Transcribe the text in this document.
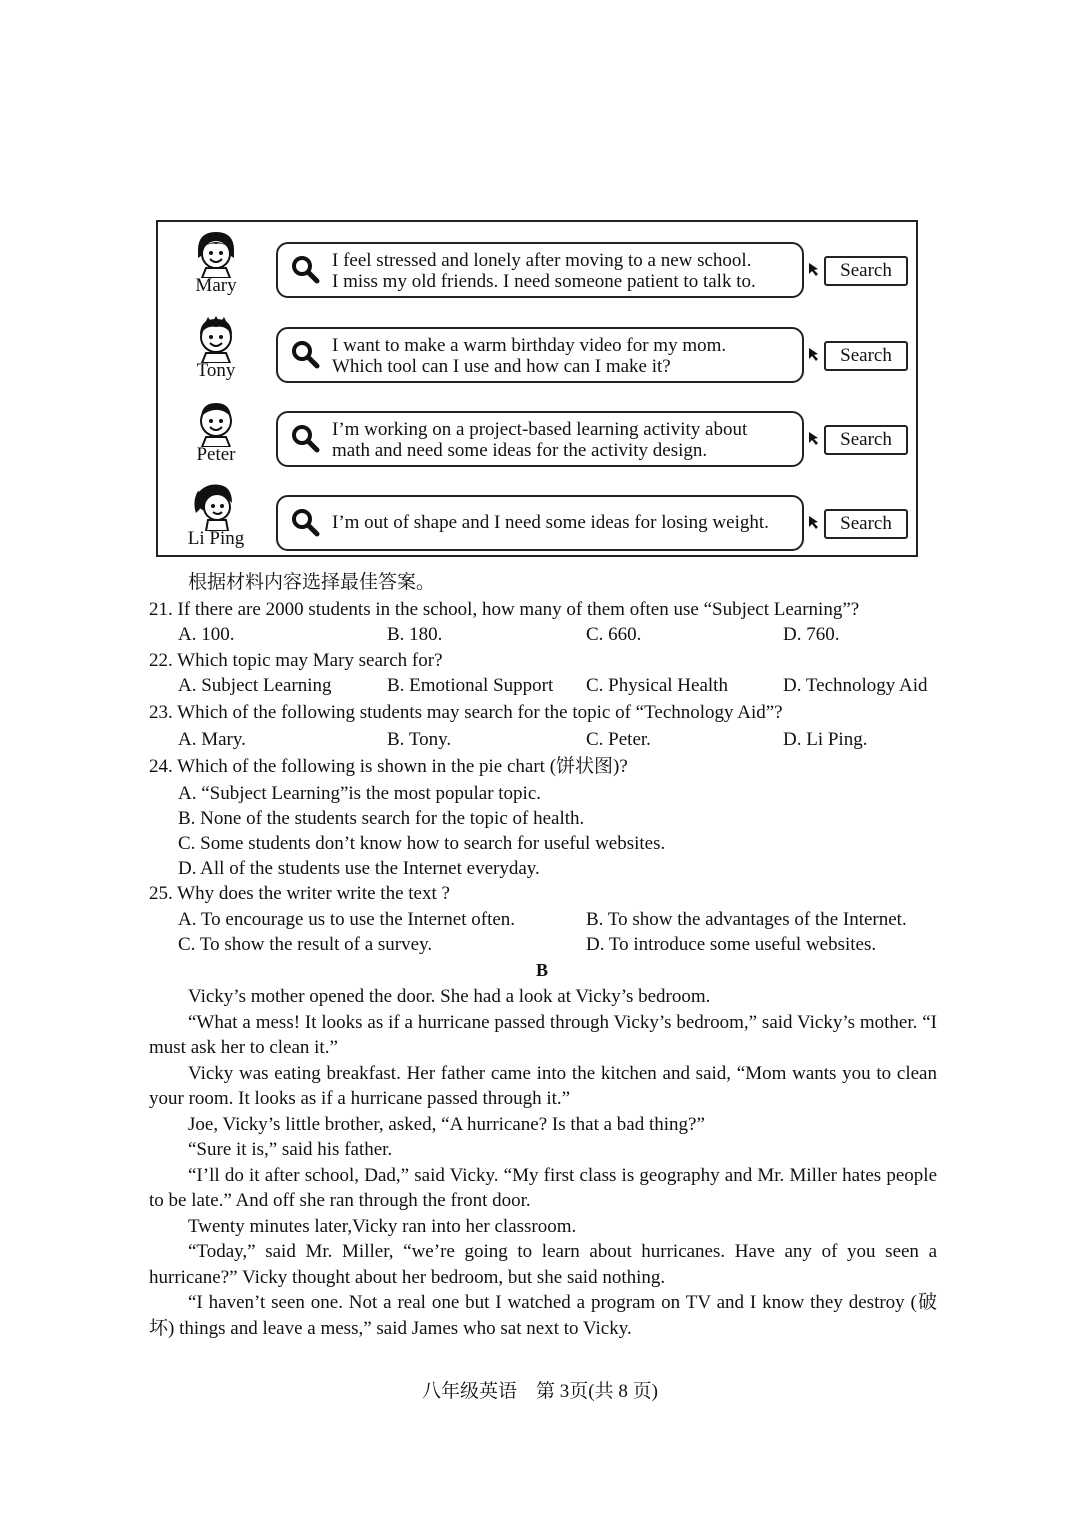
Mary
I feel stressed and lonely after moving to a new school.
I miss my old friends. I need someone patient to talk to.
Search
Tony
I want to make a warm birthday video for my mom.
Which tool can I use and how can I make it?
Search
Peter
I’m working on a project-based learning activity about
math and need some ideas for the activity design.
Search
Li Ping
I’m out of shape and I need some ideas for losing weight.	Search
根据材料内容选择最佳答案。
21. If there are 2000 students in the school, how many of them often use “Subject Learning”?
A. 100.	B. 180.	C. 660.	D. 760.
22. Which topic may Mary search for?
A. Subject Learning	B. Emotional Support C. Physical Health	D. Technology Aid
23. Which of the following students may search for the topic of “Technology Aid”?
A. Mary.	B. Tony.	C. Peter.	D. Li Ping.
24. Which of the following is shown in the pie chart (饼状图)?
A. “Subject Learning”is the most popular topic.
B. None of the students search for the topic of health.
C. Some students don’t know how to search for useful websites.
D. All of the students use the Internet everyday.
25. Why does the writer write the text ?
A. To encourage us to use the Internet often.	B. To show the advantages of the Internet.
C. To show the result of a survey.	D. To introduce some useful websites.
B

Vicky’s mother opened the door. She had a look at Vicky’s bedroom.

“What a mess! It looks as if a hurricane passed through Vicky’s bedroom,” said Vicky’s mother. “I must ask her to clean it.”

Vicky was eating breakfast. Her father came into the kitchen and said, “Mom wants you to clean your room. It looks as if a hurricane passed through it.”

Joe, Vicky’s little brother, asked, “A hurricane? Is that a bad thing?”

“Sure it is,” said his father.

“I’ll do it after school, Dad,” said Vicky. “My first class is geography and Mr. Miller hates people to be late.” And off she ran through the front door.

Twenty minutes later,Vicky ran into her classroom.

“Today,” said Mr. Miller, “we’re going to learn about hurricanes. Have any of you seen a hurricane?” Vicky thought about her bedroom, but she said nothing.

“I haven’t seen one. Not a real one but I watched a program on TV and I know they destroy (破坏) things and leave a mess,” said James who sat next to Vicky.

八年级英语　第 3页(共 8 页)
